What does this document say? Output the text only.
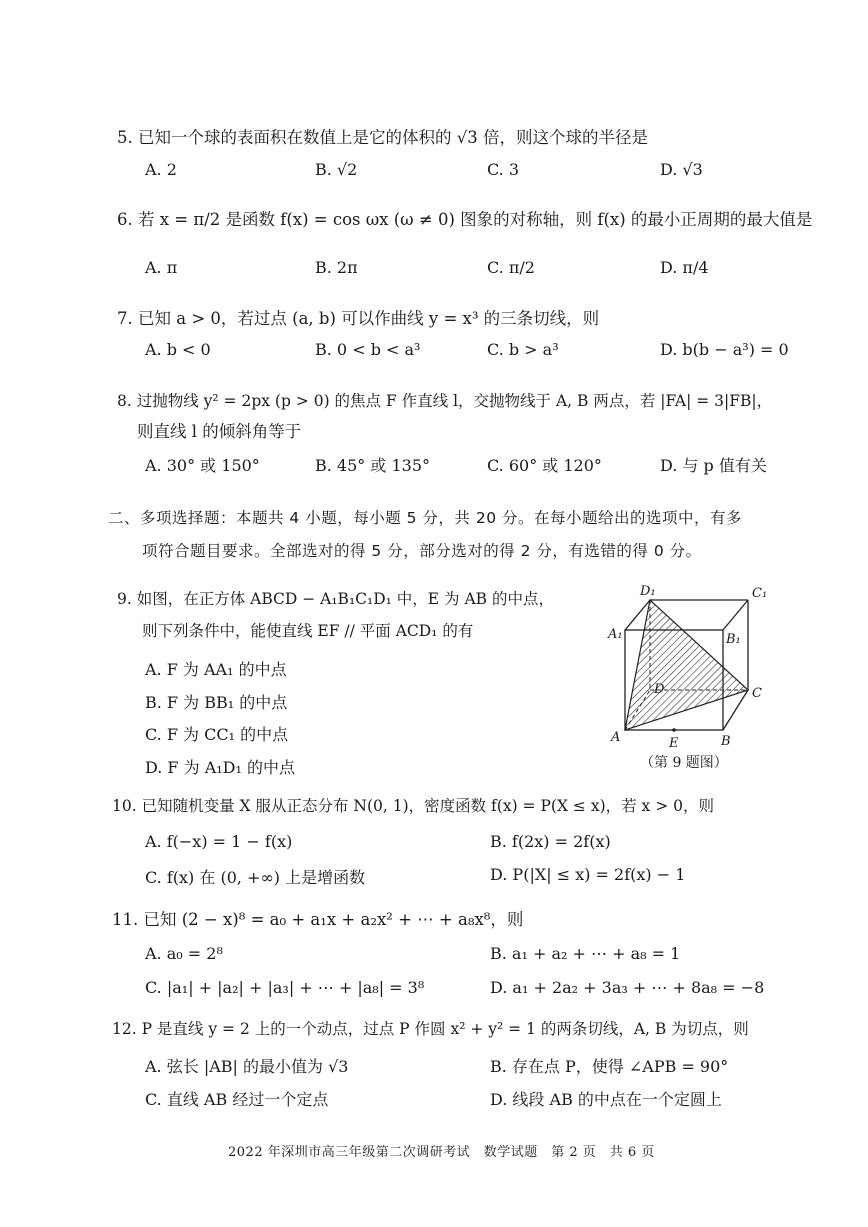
5. 已知一个球的表面积在数值上是它的体积的 √3 倍，则这个球的半径是
A. 2	B. √2	C. 3	D. √3
6. 若 x = π/2 是函数 f(x) = cos ωx (ω ≠ 0) 图象的对称轴，则 f(x) 的最小正周期的最大值是
A. π	B. 2π	C. π/2	D. π/4
7. 已知 a > 0，若过点 (a, b) 可以作曲线 y = x³ 的三条切线，则
A. b < 0	B. 0 < b < a³	C. b > a³	D. b(b − a³) = 0
8. 过抛物线 y² = 2px (p > 0) 的焦点 F 作直线 l，交抛物线于 A, B 两点，若 |FA| = 3|FB|，
则直线 l 的倾斜角等于
A. 30° 或 150°	B. 45° 或 135°	C. 60° 或 120°	D. 与 p 值有关
二、多项选择题：本题共 4 小题，每小题 5 分，共 20 分。在每小题给出的选项中，有多
项符合题目要求。全部选对的得 5 分，部分选对的得 2 分，有选错的得 0 分。
9. 如图，在正方体 ABCD − A₁B₁C₁D₁ 中，E 为 AB 的中点，
则下列条件中，能使直线 EF // 平面 ACD₁ 的有
A. F 为 AA₁ 的中点
B. F 为 BB₁ 的中点
C. F 为 CC₁ 的中点
D. F 为 A₁D₁ 的中点
D₁	C₁
A₁	B₁
D	C
A	E	B
（第 9 题图）
10. 已知随机变量 X 服从正态分布 N(0, 1)，密度函数 f(x) = P(X ≤ x)，若 x > 0，则
A. f(−x) = 1 − f(x)	B. f(2x) = 2f(x)
C. f(x) 在 (0, +∞) 上是增函数	D. P(|X| ≤ x) = 2f(x) − 1
11. 已知 (2 − x)⁸ = a₀ + a₁x + a₂x² + ⋯ + a₈x⁸，则
A. a₀ = 2⁸	B. a₁ + a₂ + ⋯ + a₈ = 1
C. |a₁| + |a₂| + |a₃| + ⋯ + |a₈| = 3⁸	D. a₁ + 2a₂ + 3a₃ + ⋯ + 8a₈ = −8
12. P 是直线 y = 2 上的一个动点，过点 P 作圆 x² + y² = 1 的两条切线，A, B 为切点，则
A. 弦长 |AB| 的最小值为 √3	B. 存在点 P，使得 ∠APB = 90°
C. 直线 AB 经过一个定点	D. 线段 AB 的中点在一个定圆上
2022 年深圳市高三年级第二次调研考试　数学试题　第 2 页　共 6 页
